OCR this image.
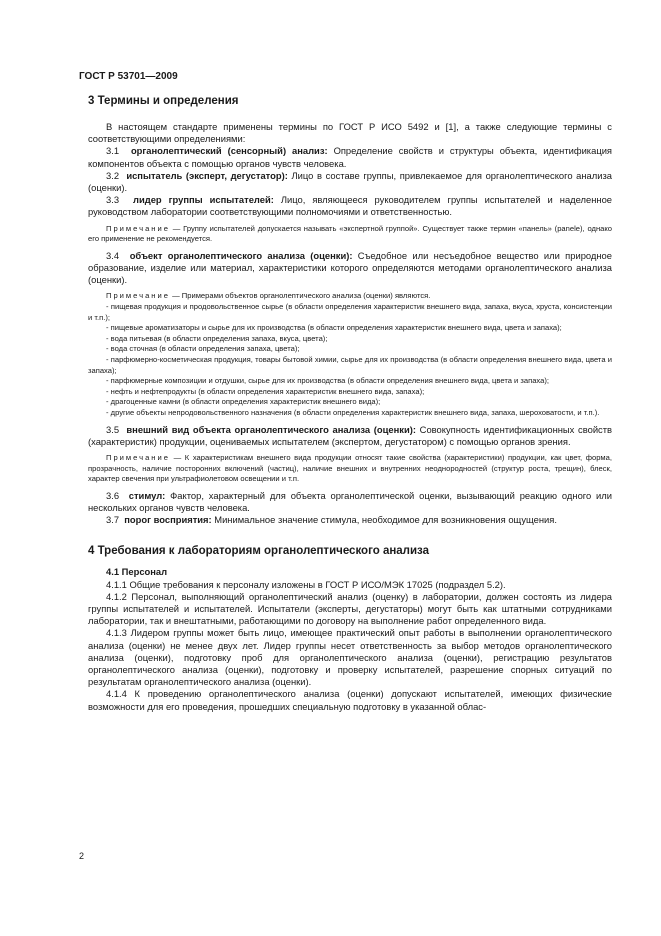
ГОСТ Р 53701—2009
3 Термины и определения

В настоящем стандарте применены термины по ГОСТ Р ИСО 5492 и [1], а также следующие термины с соответствующими определениями:

3.1 органолептический (сенсорный) анализ: Определение свойств и структуры объекта, идентификация компонентов объекта с помощью органов чувств человека.

3.2 испытатель (эксперт, дегустатор): Лицо в составе группы, привлекаемое для органолептического анализа (оценки).

3.3 лидер группы испытателей: Лицо, являющееся руководителем группы испытателей и наделенное руководством лаборатории соответствующими полномочиями и ответственностью.

Примечание — Группу испытателей допускается называть «экспертной группой». Существует также термин «панель» (panele), однако его применение не рекомендуется.

3.4 объект органолептического анализа (оценки): Съедобное или несъедобное вещество или природное образование, изделие или материал, характеристики которого определяются методами органолептического анализа (оценки).

Примечание — Примерами объектов органолептического анализа (оценки) являются.

- пищевая продукция и продовольственное сырье (в области определения характеристик внешнего вида, запаха, вкуса, хруста, консистенции и т.п.);

- пищевые ароматизаторы и сырье для их производства (в области определения характеристик внешнего вида, цвета и запаха);

- вода питьевая (в области определения запаха, вкуса, цвета);

- вода сточная (в области определения запаха, цвета);

- парфюмерно-косметическая продукция, товары бытовой химии, сырье для их производства (в области определения внешнего вида, цвета и запаха);

- парфюмерные композиции и отдушки, сырье для их производства (в области определения внешнего вида, цвета и запаха);

- нефть и нефтепродукты (в области определения характеристик внешнего вида, запаха);

- драгоценные камни (в области определения характеристик внешнего вида);

- другие объекты непродовольственного назначения (в области определения характеристик внешнего вида, запаха, шероховатости, и т.п.).

3.5 внешний вид объекта органолептического анализа (оценки): Совокупность идентификационных свойств (характеристик) продукции, оцениваемых испытателем (экспертом, дегустатором) с помощью органов зрения.

Примечание — К характеристикам внешнего вида продукции относят такие свойства (характеристики) продукции, как цвет, форма, прозрачность, наличие посторонних включений (частиц), наличие внешних и внутренних неоднородностей (структур роста, трещин), блеск, характер свечения при ультрафиолетовом освещении и т.п.

3.6 стимул: Фактор, характерный для объекта органолептической оценки, вызывающий реакцию одного или нескольких органов чувств человека.

3.7 порог восприятия: Минимальное значение стимула, необходимое для возникновения ощущения.

4 Требования к лабораториям органолептического анализа

4.1 Персонал

4.1.1 Общие требования к персоналу изложены в ГОСТ Р ИСО/МЭК 17025 (подраздел 5.2).

4.1.2 Персонал, выполняющий органолептический анализ (оценку) в лаборатории, должен состоять из лидера группы испытателей и испытателей. Испытатели (эксперты, дегустаторы) могут быть как штатными сотрудниками лаборатории, так и внештатными, работающими по договору на выполнение работ определенного вида.

4.1.3 Лидером группы может быть лицо, имеющее практический опыт работы в выполнении органолептического анализа (оценки) не менее двух лет. Лидер группы несет ответственность за выбор методов органолептического анализа (оценки), подготовку проб для органолептического анализа (оценки), регистрацию результатов органолептического анализа (оценки), подготовку и проверку испытателей, разрешение спорных ситуаций по результатам органолептического анализа (оценки).

4.1.4 К проведению органолептического анализа (оценки) допускают испытателей, имеющих физические возможности для его проведения, прошедших специальную подготовку в указанной облас-

2
